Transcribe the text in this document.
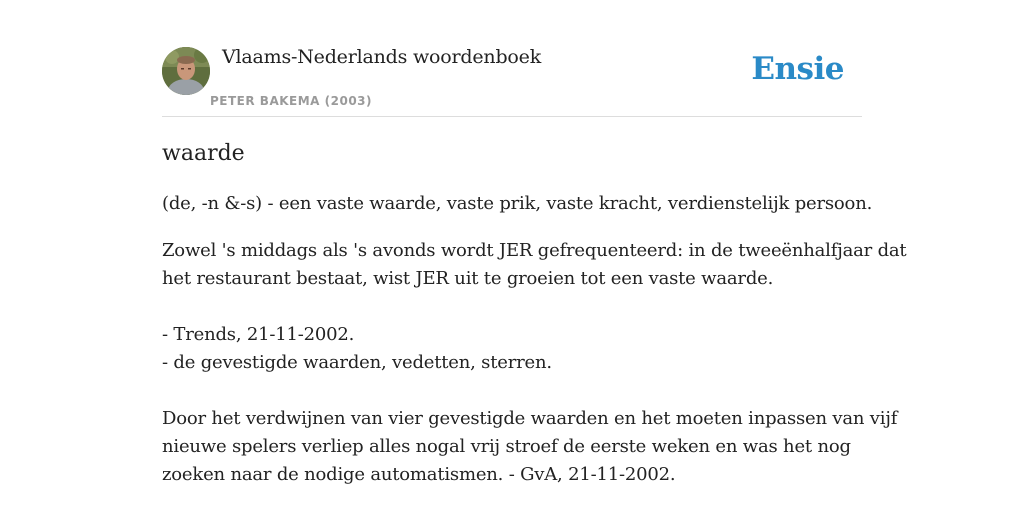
Vlaams-Nederlands woordenboek
PETER BAKEMA (2003)
Ensie
waarde

(de, -n &-s) - een vaste waarde, vaste prik, vaste kracht, verdienstelijk persoon.

Zowel 's middags als 's avonds wordt JER gefrequenteerd: in de tweeënhalfjaar dat
het restaurant bestaat, wist JER uit te groeien tot een vaste waarde.
- Trends, 21-11-2002.
- de gevestigde waarden, vedetten, sterren.
Door het verdwijnen van vier gevestigde waarden en het moeten inpassen van vijf
nieuwe spelers verliep alles nogal vrij stroef de eerste weken en was het nog
zoeken naar de nodige automatismen. - GvA, 21-11-2002.
